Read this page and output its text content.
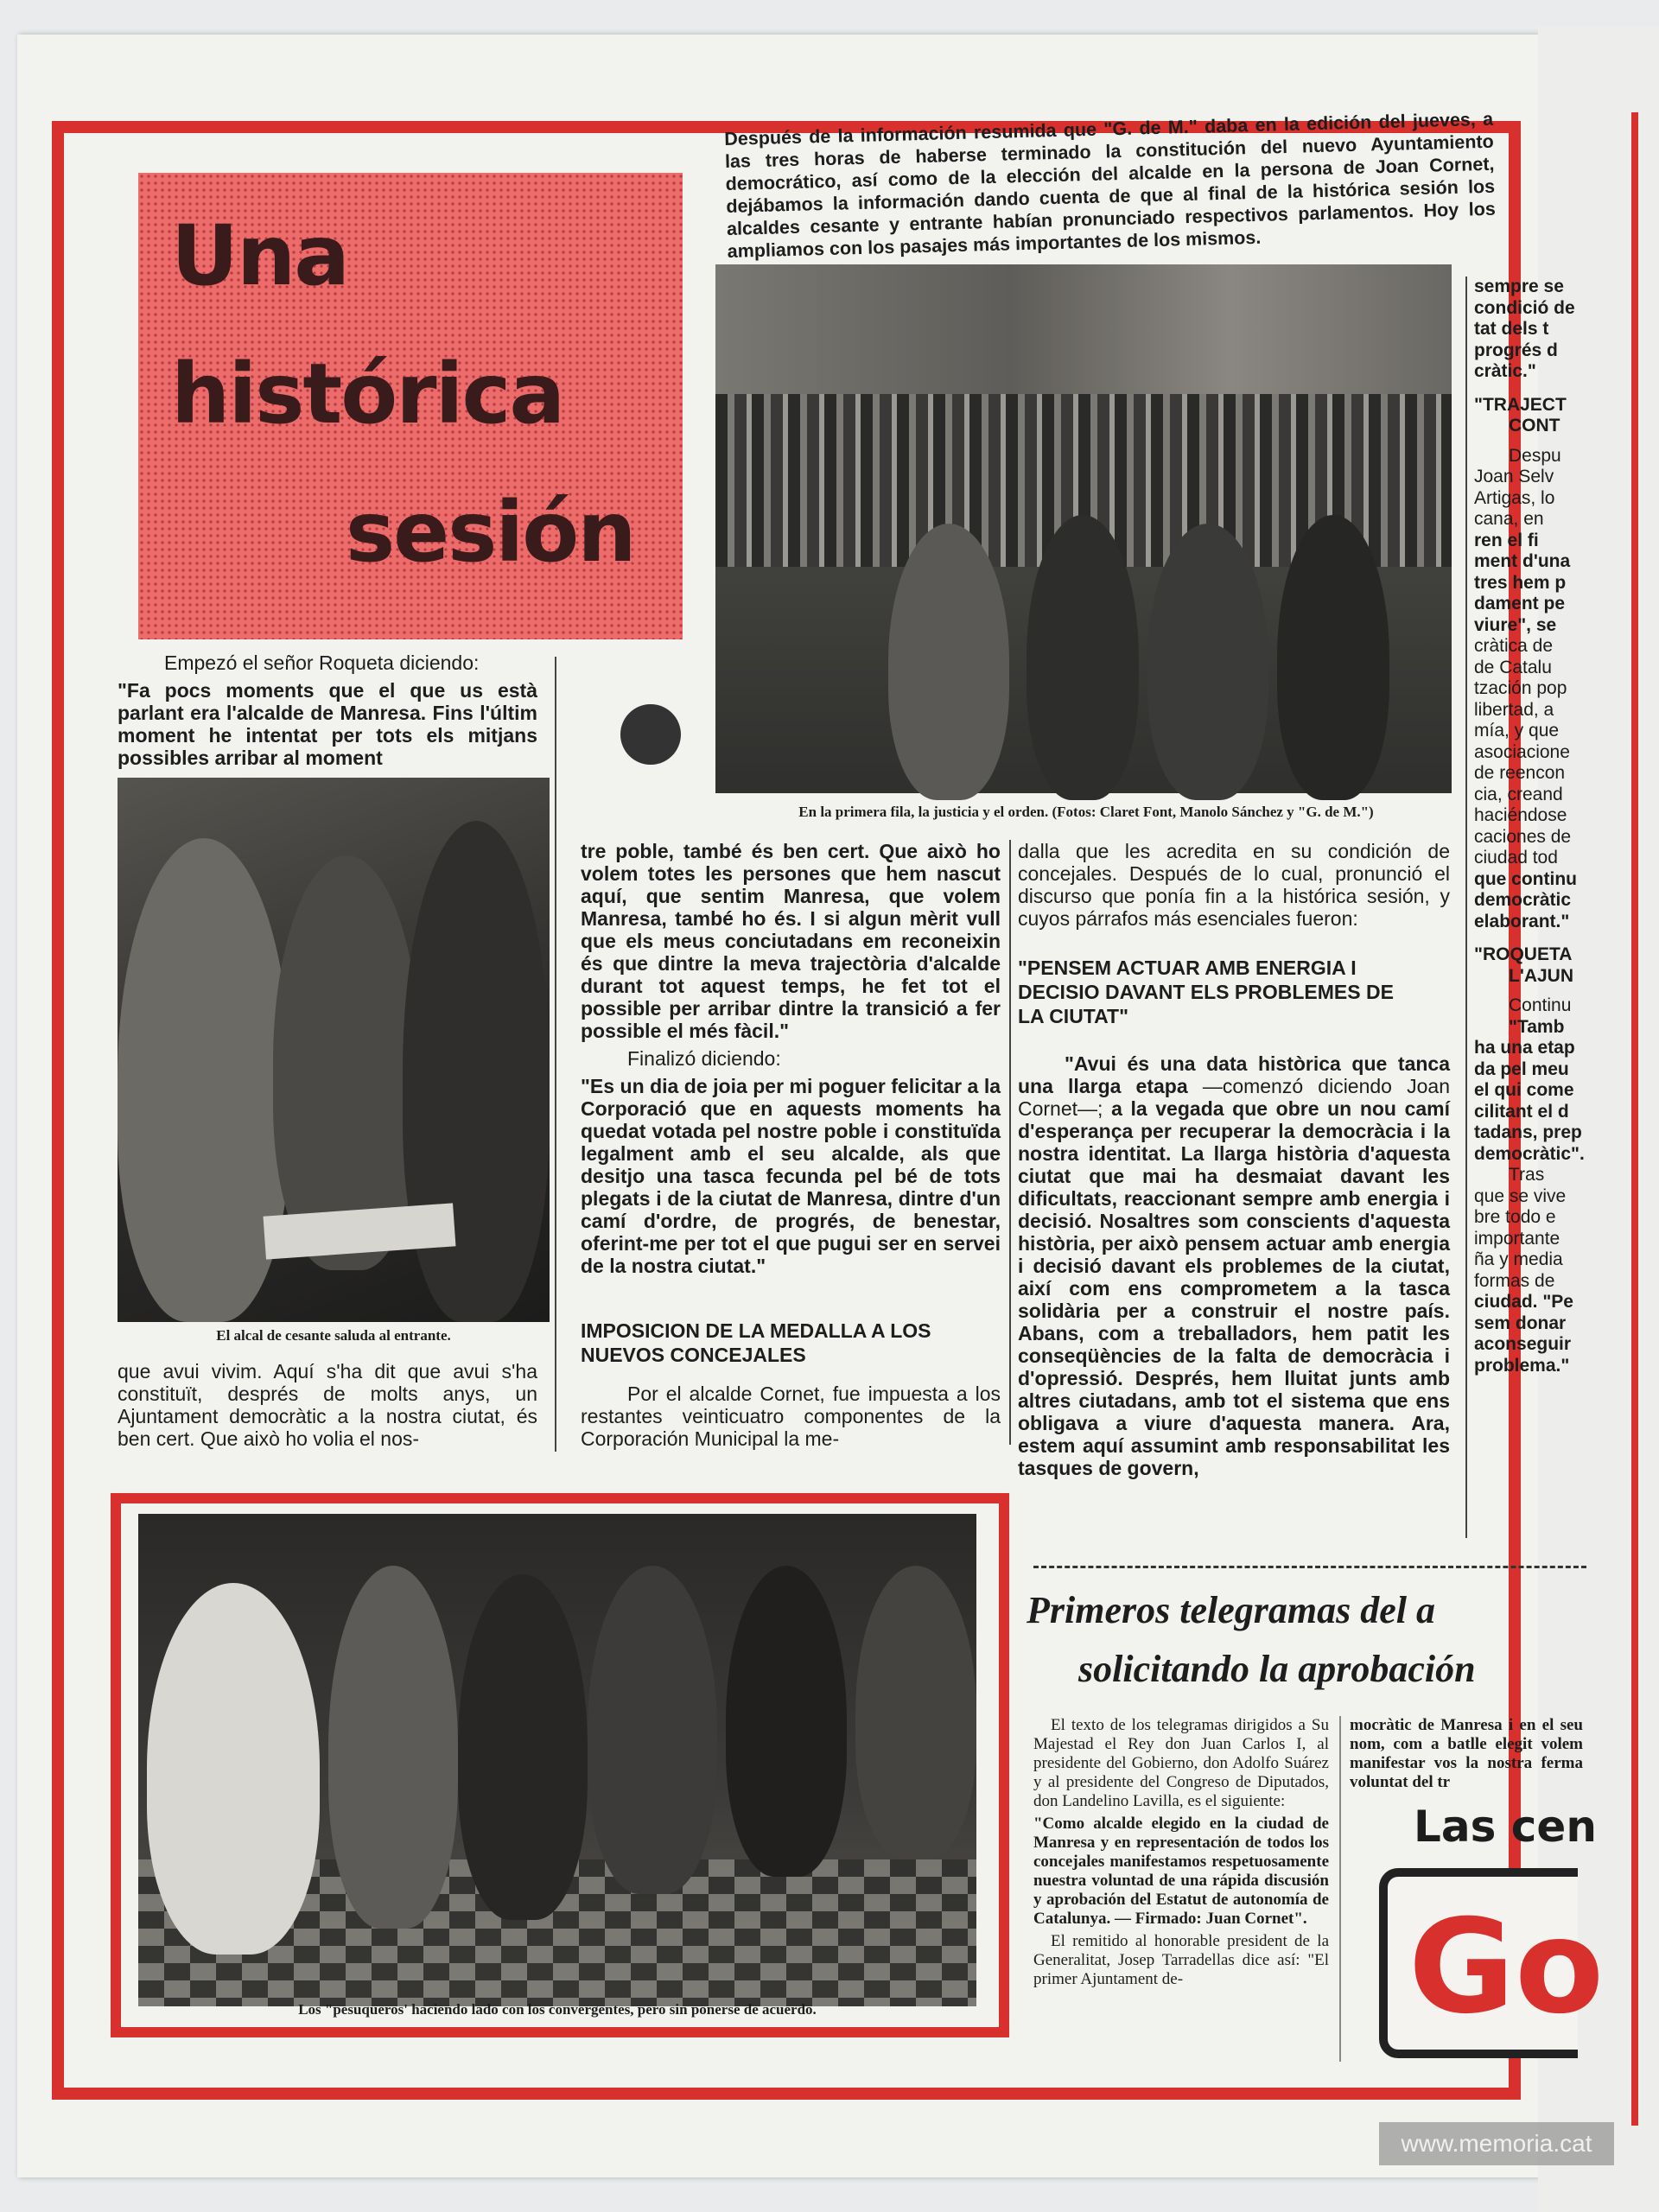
Una
histórica
sesión
Después de la información resumida que "G. de M." daba en la edición del jueves, a las tres horas de haberse terminado la constitución del nuevo Ayuntamiento democrático, así como de la elección del alcalde en la persona de Joan Cornet, dejábamos la información dando cuenta de que al final de la histórica sesión los alcaldes cesante y entrante habían pronunciado respectivos parlamentos. Hoy los ampliamos con los pasajes más importantes de los mismos.
En la primera fila, la justicia y el orden. (Fotos: Claret Font, Manolo Sánchez y "G. de M.")

Empezó el señor Roqueta diciendo:

"Fa pocs moments que el que us està parlant era l'alcalde de Manresa. Fins l'últim moment he intentat per tots els mitjans possibles arribar al moment

El alcal de cesante saluda al entrante.

que avui vivim. Aquí s'ha dit que avui s'ha constituït, després de molts anys, un Ajuntament democràtic a la nostra ciutat, és ben cert. Que això ho volia el nos-

tre poble, també és ben cert. Que això ho volem totes les persones que hem nascut aquí, que sentim Manresa, que volem Manresa, també ho és. I si algun mèrit vull que els meus conciutadans em reconeixin és que dintre la meva trajectòria d'alcalde durant tot aquest temps, he fet tot el possible per arribar dintre la transició a fer possible el més fàcil."

Finalizó diciendo:

"Es un dia de joia per mi poguer felicitar a la Corporació que en aquests moments ha quedat votada pel nostre poble i constituïda legalment amb el seu alcalde, als que desitjo una tasca fecunda pel bé de tots plegats i de la ciutat de Manresa, dintre d'un camí d'ordre, de progrés, de benestar, oferint-me per tot el que pugui ser en servei de la nostra ciutat."

IMPOSICION DE LA MEDALLA A LOS NUEVOS CONCEJALES

Por el alcalde Cornet, fue impuesta a los restantes veinticuatro componentes de la Corporación Municipal la me-

dalla que les acredita en su condición de concejales. Después de lo cual, pronunció el discurso que ponía fin a la histórica sesión, y cuyos párrafos más esenciales fueron:

"PENSEM ACTUAR AMB ENERGIA I DECISIO DAVANT ELS PROBLEMES DE LA CIUTAT"

"Avui és una data històrica que tanca una llarga etapa —comenzó diciendo Joan Cornet—; a la vegada que obre un nou camí d'esperança per recuperar la democràcia i la nostra identitat. La llarga història d'aquesta ciutat que mai ha desmaiat davant les dificultats, reaccionant sempre amb energia i decisió. Nosaltres som conscients d'aquesta història, per això pensem actuar amb energia i decisió davant els problemes de la ciutat, així com ens comprometem a la tasca solidària per a construir el nostre país. Abans, com a treballadors, hem patit les conseqüències de la falta de democràcia i d'opressió. Després, hem lluitat junts amb altres ciutadans, amb tot el sistema que ens obligava a viure d'aquesta manera. Ara, estem aquí assumint amb responsabilitat les tasques de govern,

sempre se

condició de

tat dels t

progrés d

cràtic."

"TRAJECT

CONT

Despu

Joan Selv

Artigas, lo

cana, en

ren el fi

ment d'una

tres hem p

dament pe

viure", se

cràtica de

de Catalu

tzación pop

libertad, a

mía, y que

asociacione

de reencon

cia, creand

haciéndose

caciones de

ciudad tod

que continu

democràtic

elaborant."

"ROQUETA

L'AJUN

Continu

"Tamb

ha una etap

da pel meu

el qui come

cilitant el d

tadans, prep

democràtic".

Tras

que se vive

bre todo e

importante

ña y media

formas de

ciudad. "Pe

sem donar

aconseguir

problema."

Los "pesuqueros' haciendo lado con los convergentes, pero sin ponerse de acuerdo.
Primeros telegramas del a
solicitando la aprobación

El texto de los telegramas dirigidos a Su Majestad el Rey don Juan Carlos I, al presidente del Gobierno, don Adolfo Suárez y al presidente del Congreso de Diputados, don Landelino Lavilla, es el siguiente:

"Como alcalde elegido en la ciudad de Manresa y en representación de todos los concejales manifestamos respetuosamente nuestra voluntad de una rápida discusión y aprobación del Estatut de autonomía de Catalunya. — Firmado: Juan Cornet".

El remitido al honorable president de la Generalitat, Josep Tarradellas dice así: "El primer Ajuntament de-

mocràtic de Manresa i en el seu nom, com a batlle elegit volem manifestar vos la nostra ferma voluntat del tr

Las cen
Go
www.memoria.cat
